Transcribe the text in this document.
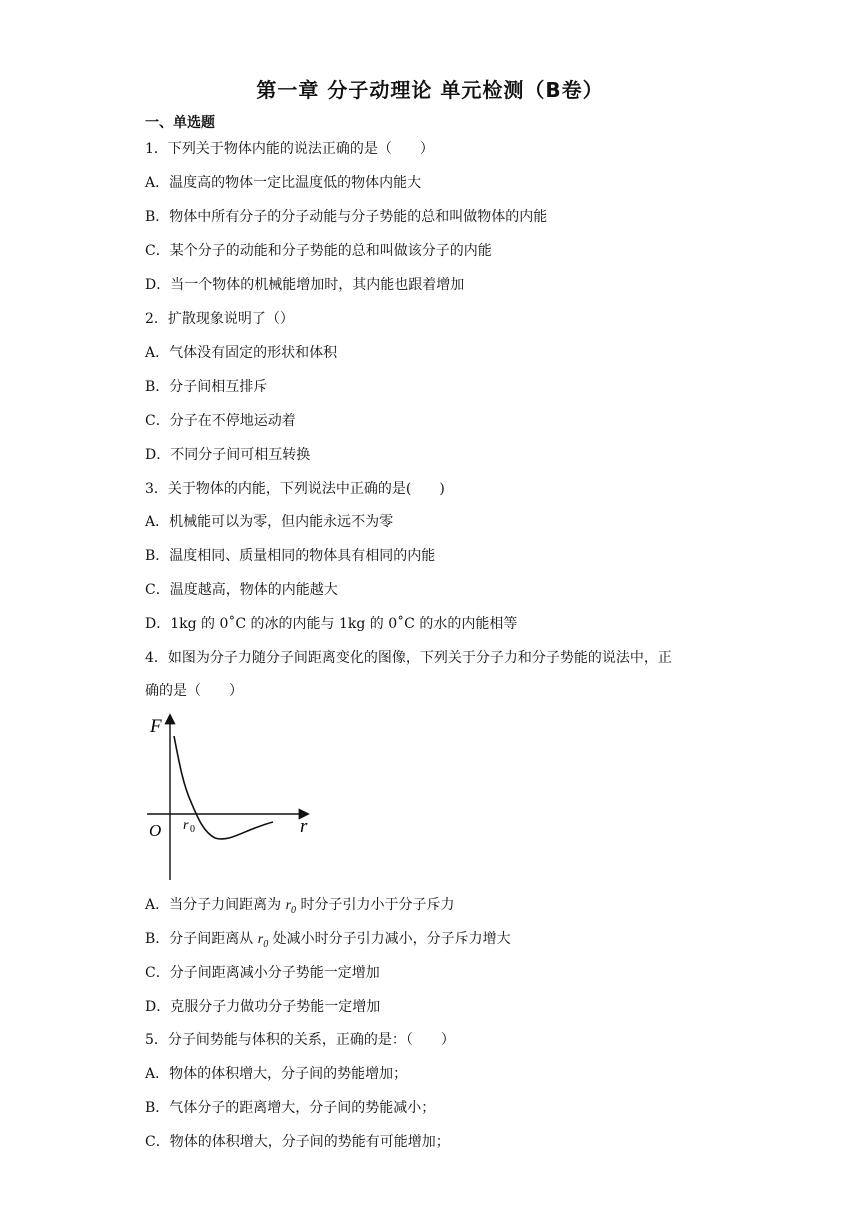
第一章 分子动理论 单元检测（B卷）
一、单选题
1．下列关于物体内能的说法正确的是（　　）
A．温度高的物体一定比温度低的物体内能大
B．物体中所有分子的分子动能与分子势能的总和叫做物体的内能
C．某个分子的动能和分子势能的总和叫做该分子的内能
D．当一个物体的机械能增加时，其内能也跟着增加
2．扩散现象说明了（）
A．气体没有固定的形状和体积
B．分子间相互排斥
C．分子在不停地运动着
D．不同分子间可相互转换
3．关于物体的内能，下列说法中正确的是(　　)
A．机械能可以为零，但内能永远不为零
B．温度相同、质量相同的物体具有相同的内能
C．温度越高，物体的内能越大
D．1kg 的 0˚C 的冰的内能与 1kg 的 0˚C 的水的内能相等
4．如图为分子力随分子间距离变化的图像，下列关于分子力和分子势能的说法中，正
确的是（　　）
F
r
O r 0
A．当分子力间距离为 $r_0$ 时分子引力小于分子斥力
B．分子间距离从 $r_0$ 处减小时分子引力减小，分子斥力增大
C．分子间距离减小分子势能一定增加
D．克服分子力做功分子势能一定增加
5．分子间势能与体积的关系，正确的是：（　　）
A．物体的体积增大，分子间的势能增加；
B．气体分子的距离增大，分子间的势能减小；
C．物体的体积增大，分子间的势能有可能增加；
